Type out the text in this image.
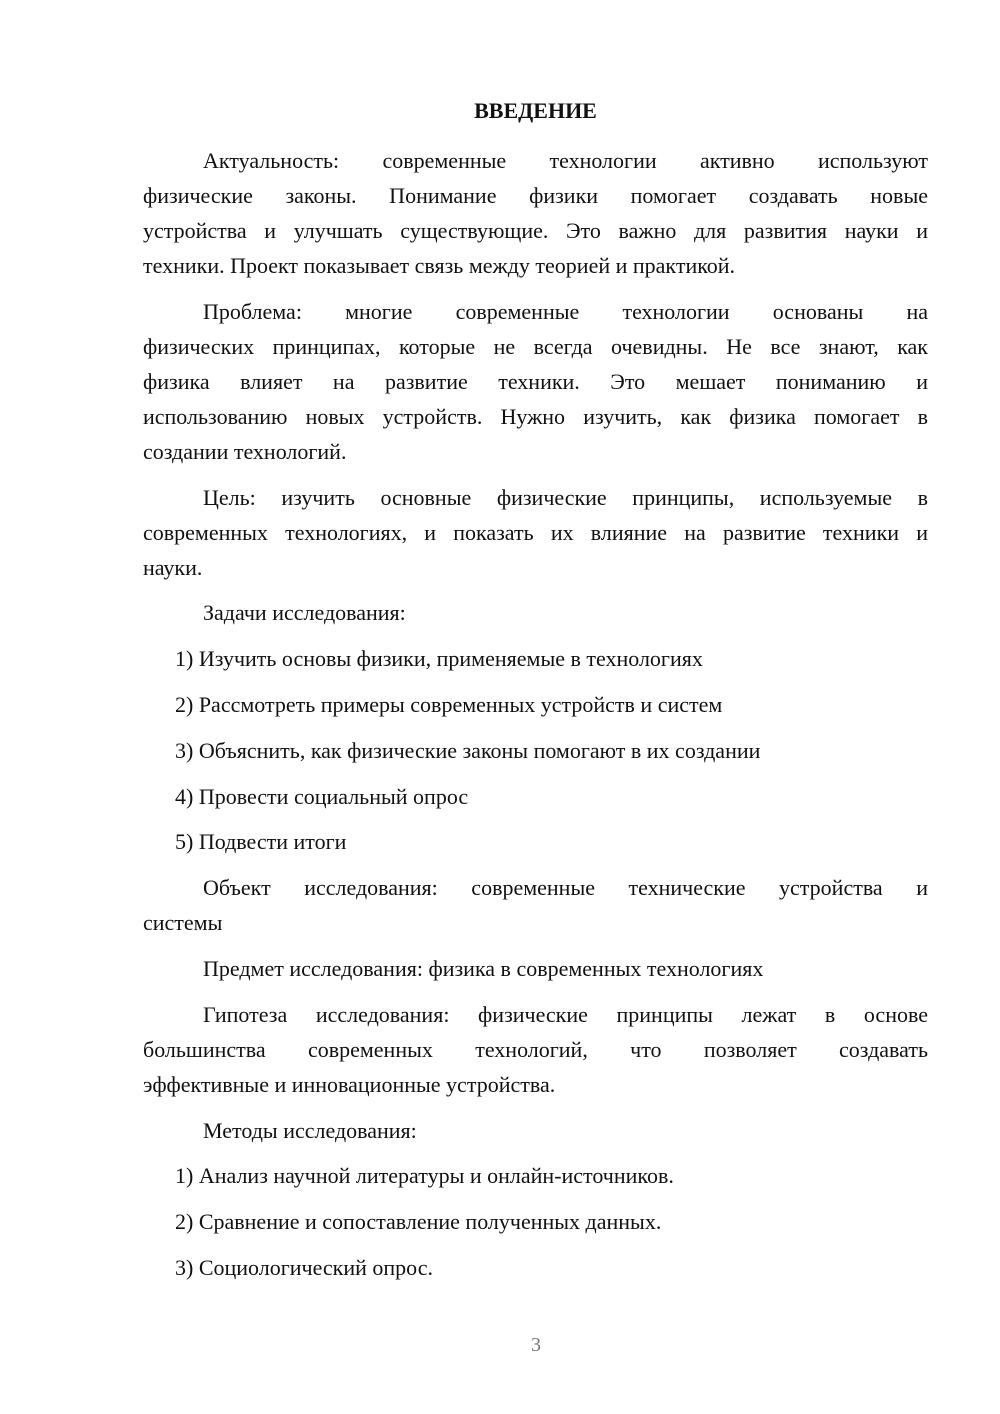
ВВЕДЕНИЕ
Актуальность: современные технологии активно используют
физические законы. Понимание физики помогает создавать новые
устройства и улучшать существующие. Это важно для развития науки и
техники. Проект показывает связь между теорией и практикой.
Проблема: многие современные технологии основаны на
физических принципах, которые не всегда очевидны. Не все знают, как
физика влияет на развитие техники. Это мешает пониманию и
использованию новых устройств. Нужно изучить, как физика помогает в
создании технологий.
Цель: изучить основные физические принципы, используемые в
современных технологиях, и показать их влияние на развитие техники и
науки.
Задачи исследования:
1) Изучить основы физики, применяемые в технологиях
2) Рассмотреть примеры современных устройств и систем
3) Объяснить, как физические законы помогают в их создании
4) Провести социальный опрос
5) Подвести итоги
Объект исследования: современные технические устройства и
системы
Предмет исследования: физика в современных технологиях
Гипотеза исследования: физические принципы лежат в основе
большинства современных технологий, что позволяет создавать
эффективные и инновационные устройства.
Методы исследования:
1) Анализ научной литературы и онлайн-источников.
2) Сравнение и сопоставление полученных данных.
3) Социологический опрос.
3
